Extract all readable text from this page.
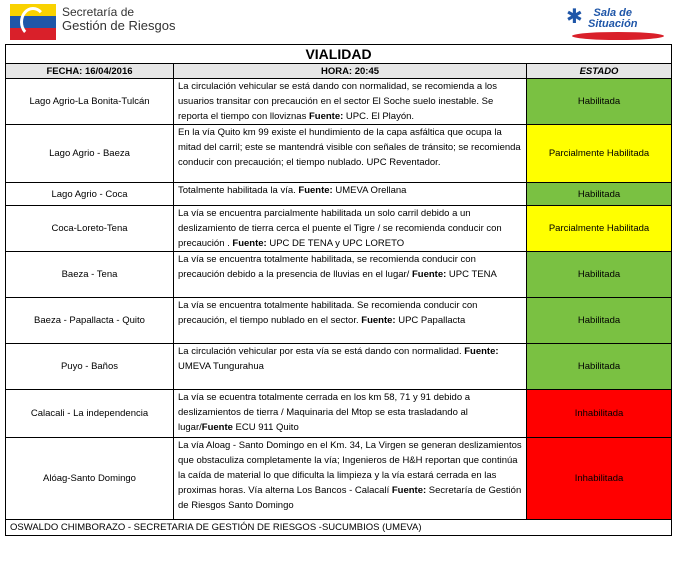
Secretaría de
Gestión de Riesgos	✱ Sala de
Situación
VIALIDAD		
FECHA: 16/04/2016	HORA: 20:45	ESTADO
Lago Agrio-La Bonita-Tulcán	La circulación vehicular se está dando con normalidad, se recomienda a los usuarios transitar con precaución en el sector El Soche suelo inestable. Se reporta el tiempo con lloviznas Fuente: UPC. El Playón.	Habilitada
Lago Agrio - Baeza	En la vía Quito km 99 existe el hundimiento de la capa asfáltica que ocupa la mitad del carril; este se mantendrá visible con señales de tránsito; se recomienda conducir con precaución; el tiempo nublado. UPC Reventador.	Parcialmente Habilitada
Lago Agrio - Coca	Totalmente habilitada la vía. Fuente: UMEVA Orellana	Habilitada
Coca-Loreto-Tena	La vía se encuentra parcialmente habilitada un solo carril debido a un deslizamiento de tierra cerca el puente el Tigre / se recomienda conducir con precaución . Fuente: UPC DE TENA y UPC LORETO	Parcialmente Habilitada
Baeza - Tena	La vía se encuentra totalmente habilitada, se recomienda conducir con precaución debido a la presencia de lluvias en el lugar/ Fuente: UPC TENA	Habilitada
Baeza - Papallacta - Quito	La vía se encuentra totalmente habilitada. Se recomienda conducir con precaución, el tiempo nublado en el sector. Fuente: UPC Papallacta	Habilitada
Puyo - Baños	La circulación vehicular por esta vía se está dando con normalidad. Fuente: UMEVA Tungurahua	Habilitada
Calacali - La independencia	La vía se ecuentra totalmente cerrada en los km 58, 71 y 91 debido a deslizamientos de tierra / Maquinaria del Mtop se esta trasladando al lugar/Fuente ECU 911 Quito	Inhabilitada
Alóag-Santo Domingo	La vía Aloag - Santo Domingo en el Km. 34, La Virgen se generan deslizamientos que obstaculiza completamente la vía; Ingenieros de H&H reportan que continúa la caída de material lo que dificulta la limpieza y la vía estará cerrada en las proximas horas. Vía alterna Los Bancos - Calacalí Fuente: Secretaría de Gestión de Riesgos Santo Domingo	Inhabilitada
OSWALDO CHIMBORAZO - SECRETARIA DE GESTIÓN DE RIESGOS -SUCUMBIOS (UMEVA)		
